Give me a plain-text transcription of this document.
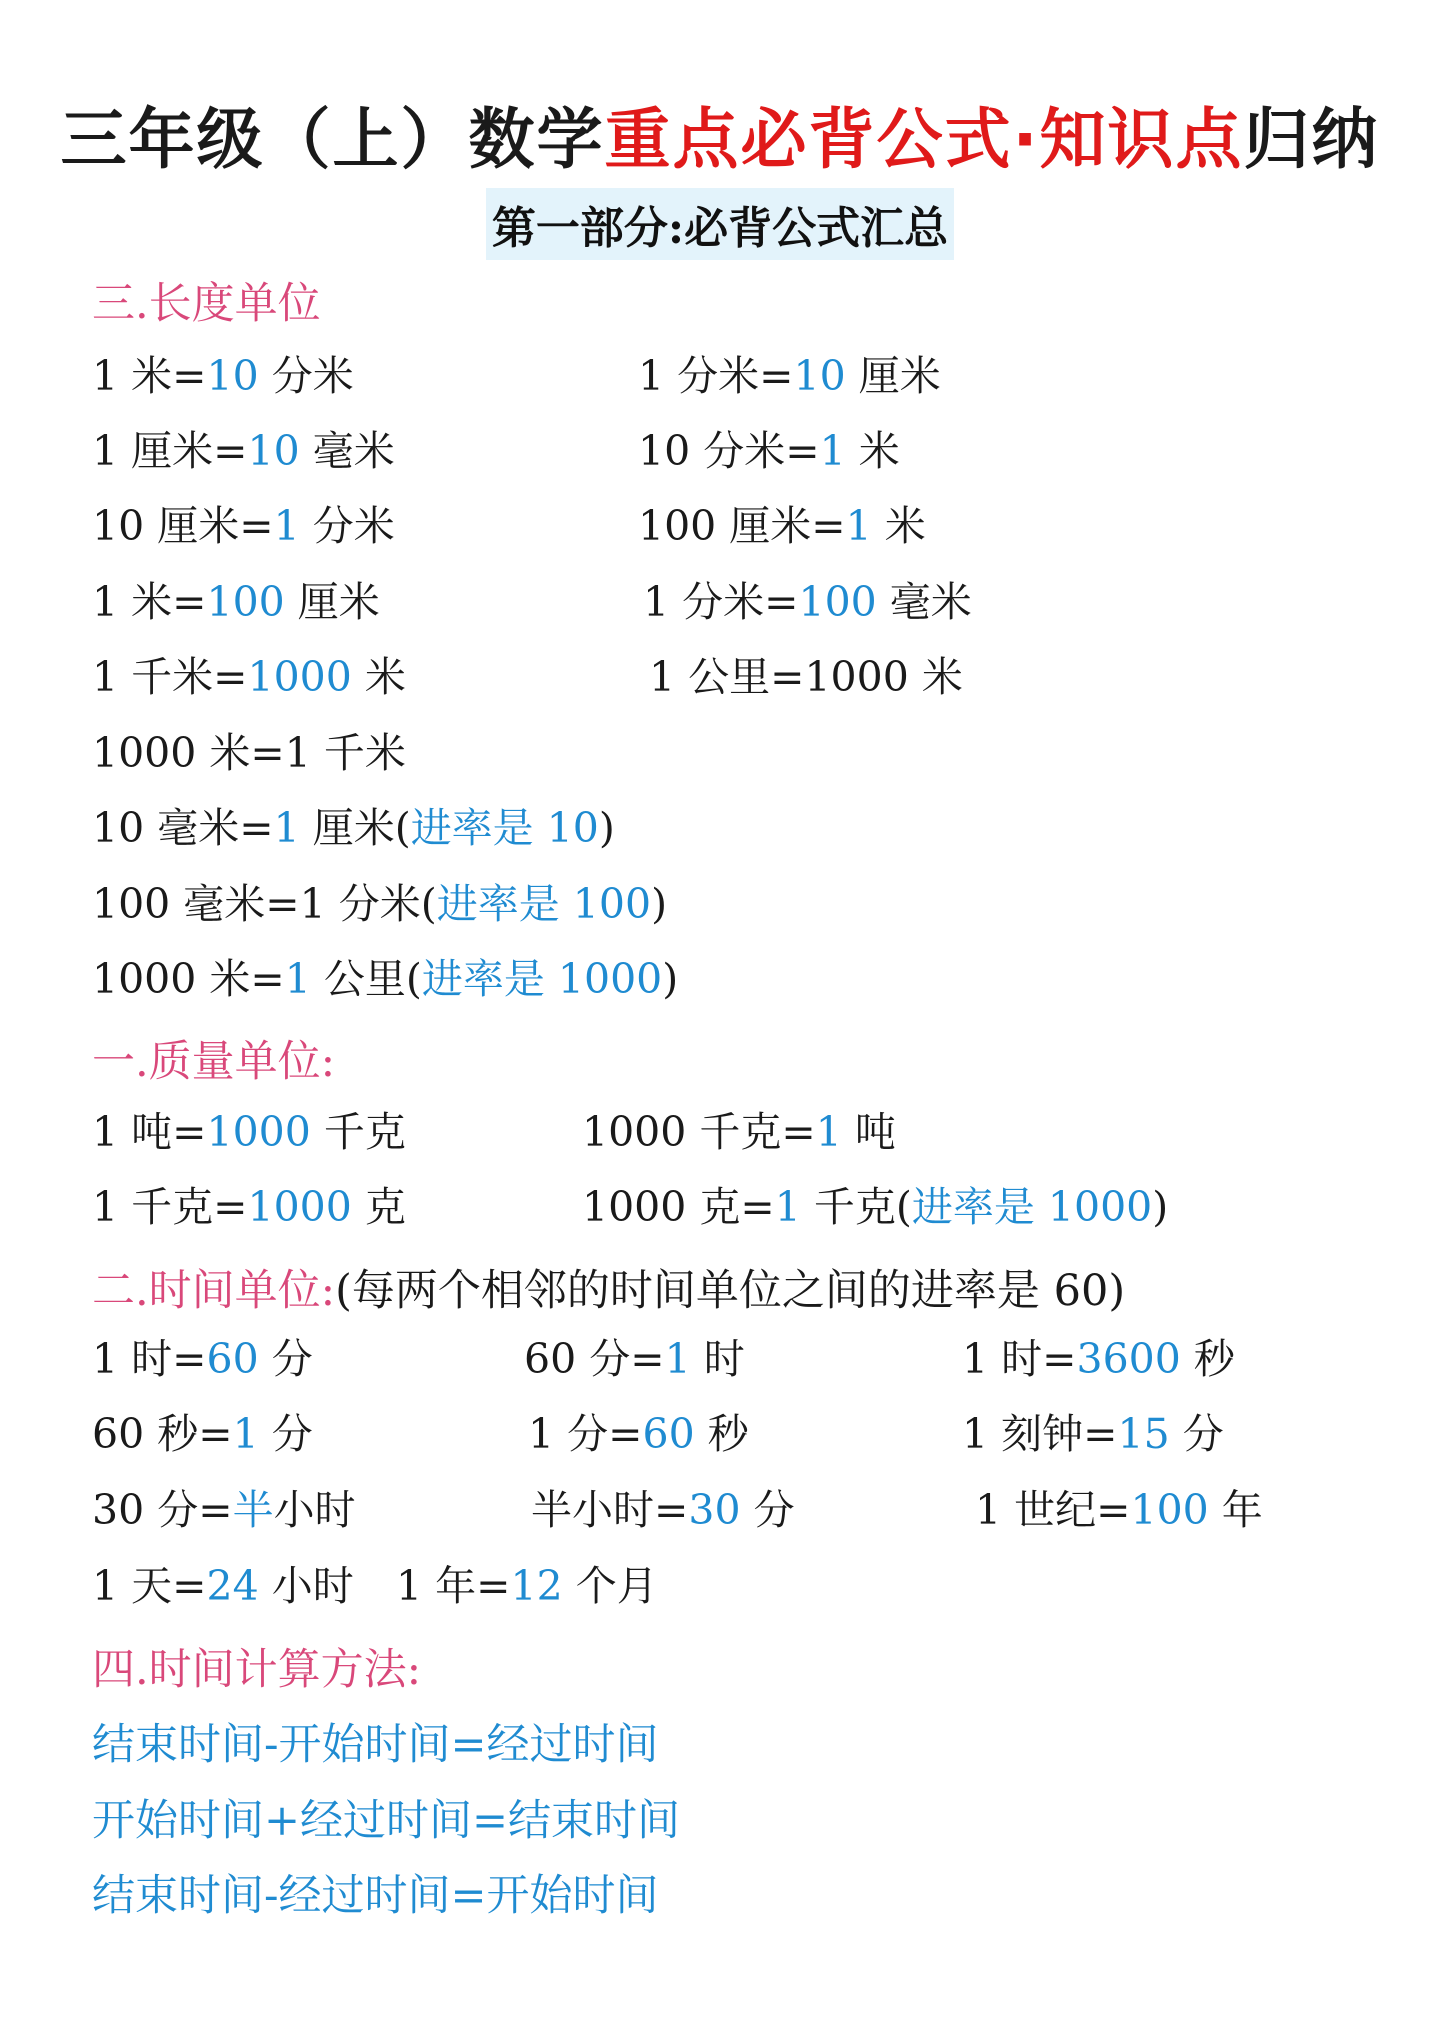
三年级（上）数学重点必背公式·知识点归纳
第一部分:必背公式汇总
三.长度单位
1 米=10 分米	1 分米=10 厘米
1 厘米=10 毫米	10 分米=1 米
10 厘米=1 分米	100 厘米=1 米
1 米=100 厘米	1 分米=100 毫米
1 千米=1000 米	1 公里=1000 米
1000 米=1 千米
10 毫米=1 厘米(进率是 10)
100 毫米=1 分米(进率是 100)
1000 米=1 公里(进率是 1000)
一.质量单位:
1 吨=1000 千克	1000 千克=1 吨
1 千克=1000 克	1000 克=1 千克(进率是 1000)
二.时间单位:(每两个相邻的时间单位之间的进率是 60)
1 时=60 分	60 分=1 时	1 时=3600 秒
60 秒=1 分	1 分=60 秒	1 刻钟=15 分
30 分=半小时	半小时=30 分	1 世纪=100 年
1 天=24 小时 1 年=12 个月
四.时间计算方法:
结束时间-开始时间=经过时间
开始时间+经过时间=结束时间
结束时间-经过时间=开始时间
